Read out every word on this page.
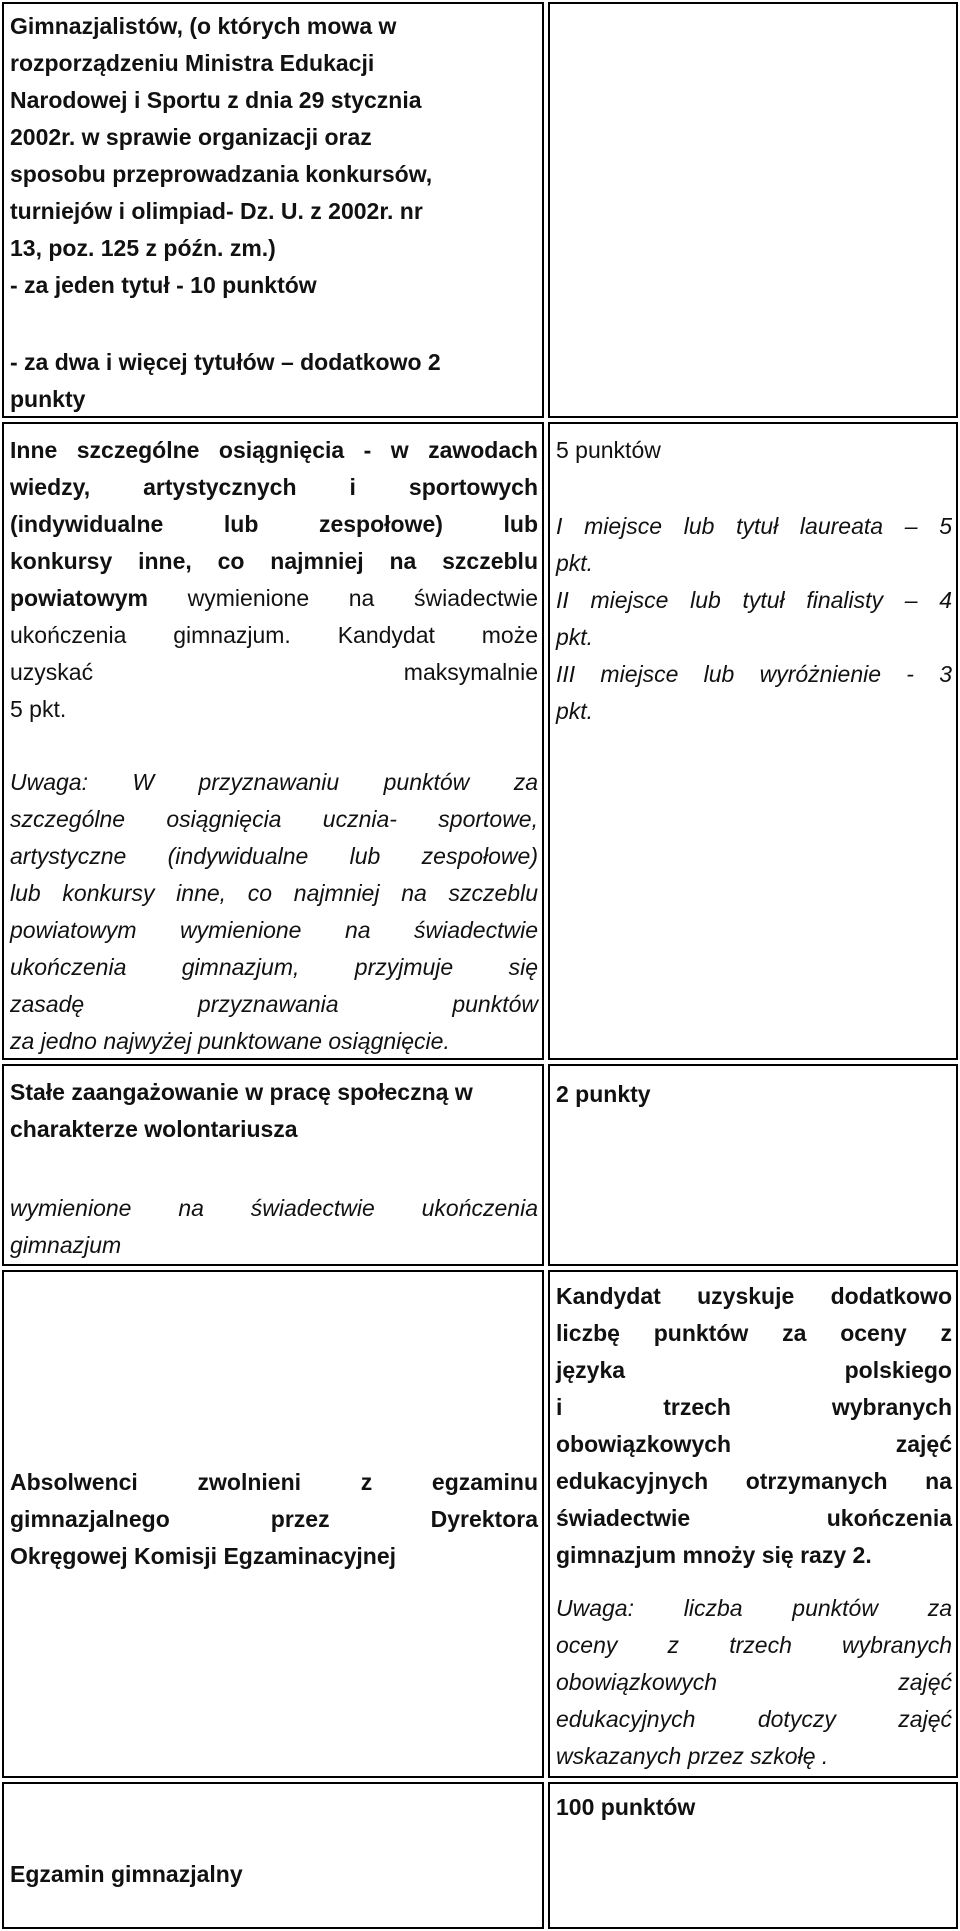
Gimnazjalistów, (o których mowa w
rozporządzeniu Ministra Edukacji
Narodowej i Sportu z dnia 29 stycznia
2002r. w sprawie organizacji oraz
sposobu przeprowadzania konkursów,
turniejów i olimpiad- Dz. U. z 2002r. nr
13, poz. 125 z późn. zm.)
- za jeden tytuł - 10 punktów
- za dwa i więcej tytułów – dodatkowo 2
punkty
Inne szczególne osiągnięcia - w zawodach
wiedzy, artystycznych i sportowych
(indywidualne lub zespołowe) lub
konkursy inne, co najmniej na szczeblu
powiatowym wymienione na świadectwie
ukończenia gimnazjum. Kandydat może
uzyskać maksymalnie
5 pkt.
Uwaga: W przyznawaniu punktów za
szczególne osiągnięcia ucznia- sportowe,
artystyczne (indywidualne lub zespołowe)
lub konkursy inne, co najmniej na szczeblu
powiatowym wymienione na świadectwie
ukończenia gimnazjum, przyjmuje się
zasadę przyznawania punktów
za jedno najwyżej punktowane osiągnięcie.
5 punktów
I miejsce lub tytuł laureata – 5
pkt.
II miejsce lub tytuł finalisty – 4
pkt.
III miejsce lub wyróżnienie - 3
pkt.
Stałe zaangażowanie w pracę społeczną w
charakterze wolontariusza
wymienione na świadectwie ukończenia
gimnazjum
2 punkty
Absolwenci zwolnieni z egzaminu
gimnazjalnego przez Dyrektora
Okręgowej Komisji Egzaminacyjnej
Kandydat uzyskuje dodatkowo
liczbę punktów za oceny z
języka polskiego
i trzech wybranych
obowiązkowych zajęć
edukacyjnych otrzymanych na
świadectwie ukończenia
gimnazjum mnoży się razy 2.
Uwaga: liczba punktów za
oceny z trzech wybranych
obowiązkowych zajęć
edukacyjnych dotyczy zajęć
wskazanych przez szkołę .
Egzamin gimnazjalny
100 punktów
